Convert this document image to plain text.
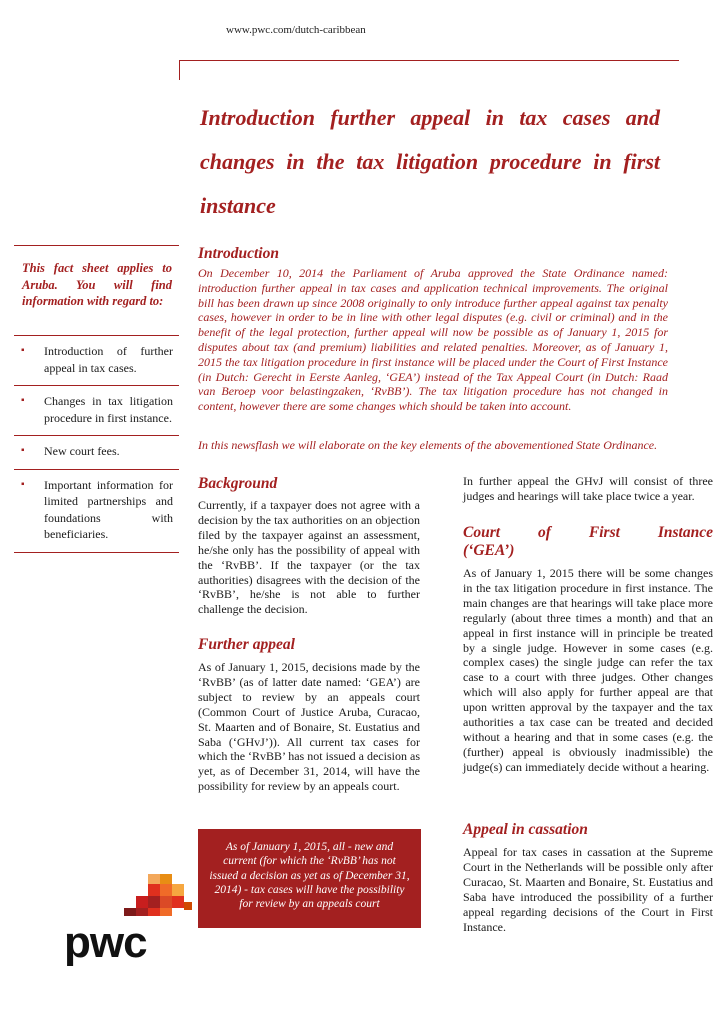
www.pwc.com/dutch-caribbean
Introduction further appeal in tax cases and changes in the tax litigation procedure in first instance
This fact sheet applies to Aruba. You will find information with regard to:
▪ Introduction of further appeal in tax cases.
▪ Changes in tax litigation procedure in first instance.
▪ New court fees.
▪ Important information for limited partnerships and foundations with beneficiaries.
Introduction

On December 10, 2014 the Parliament of Aruba approved the State Ordinance named: introduction further appeal in tax cases and application technical improvements. The original bill has been drawn up since 2008 originally to only introduce further appeal against tax penalty cases, however in order to be in line with other legal disputes (e.g. civil or criminal) and in the benefit of the legal protection, further appeal will now be possible as of January 1, 2015 for disputes about tax (and premium) liabilities and related penalties. Moreover, as of January 1, 2015 the tax litigation procedure in first instance will be placed under the Court of First Instance (in Dutch: Gerecht in Eerste Aanleg, ‘GEA’) instead of the Tax Appeal Court (in Dutch: Raad van Beroep voor belastingzaken, ‘RvBB’). The tax litigation procedure has not changed in content, however there are some changes which should be taken into account.

In this newsflash we will elaborate on the key elements of the abovementioned State Ordinance.

Background

Currently, if a taxpayer does not agree with a decision by the tax authorities on an objection filed by the taxpayer against an assessment, he/she only has the possibility of appeal with the ‘RvBB’. If the taxpayer (or the tax authorities) disagrees with the decision of the ‘RvBB’, he/she is not able to further challenge the decision.

Further appeal

As of January 1, 2015, decisions made by the ‘RvBB’ (as of latter date named: ‘GEA’) are subject to review by an appeals court (Common Court of Justice Aruba, Curacao, St. Maarten and of Bonaire, St. Eustatius and Saba (‘GHvJ’)). All current tax cases for which the ‘RvBB’ has not issued a decision as yet, as of December 31, 2014, will have the possibility for review by an appeals court.

As of January 1, 2015, all - new and current (for which the ‘RvBB’ has not issued a decision as yet as of December 31, 2014) - tax cases will have the possibility for review by an appeals court

In further appeal the GHvJ will consist of three judges and hearings will take place twice a year.

Court of First Instance
(‘GEA’)

As of January 1, 2015 there will be some changes in the tax litigation procedure in first instance. The main changes are that hearings will take place more regularly (about three times a month) and that an appeal in first instance will in principle be treated by a single judge. However in some cases (e.g. complex cases) the single judge can refer the tax case to a court with three judges. Other changes which will also apply for further appeal are that upon written approval by the taxpayer and the tax authorities a tax case can be treated and decided without a hearing and that in some cases (e.g. the (further) appeal is obviously inadmissible) the judge(s) can immediately decide without a hearing.

Appeal in cassation

Appeal for tax cases in cassation at the Supreme Court in the Netherlands will be possible only after Curacao, St. Maarten and Bonaire, St. Eustatius and Saba have introduced the possibility of a further appeal regarding decisions of the Court in First Instance.

pwc
